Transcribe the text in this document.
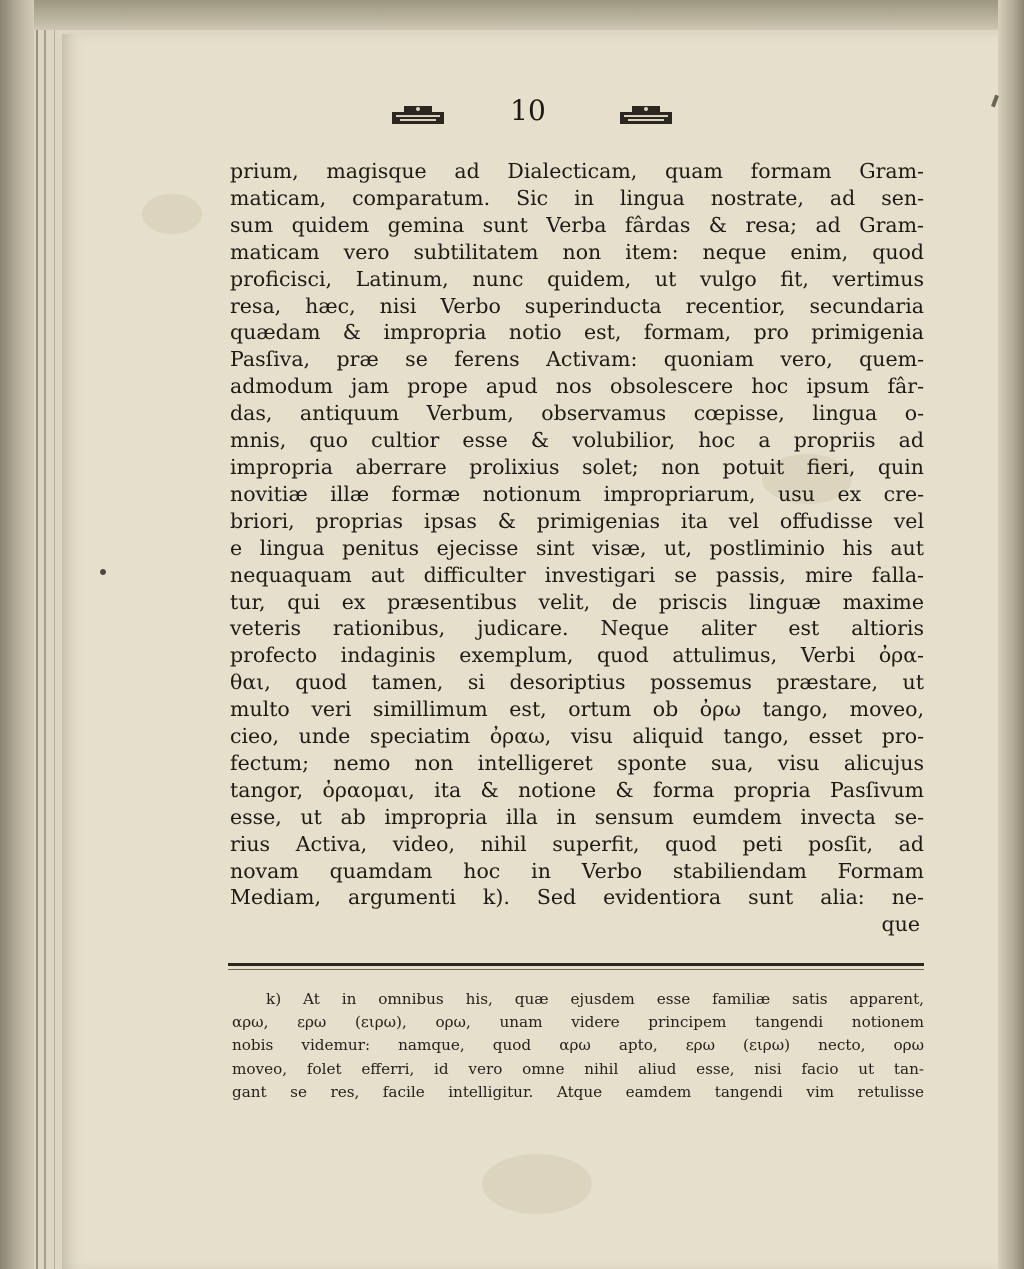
10
prium, magisque ad Dialecticam, quam formam Gram-
maticam, comparatum. Sic in lingua nostrate, ad sen-
sum quidem gemina sunt Verba fârdas & resa; ad Gram-
maticam vero subtilitatem non item: neque enim, quod
proficisci, Latinum, nunc quidem, ut vulgo fit, vertimus
resa, hæc, nisi Verbo superinducta recentior, secundaria
quædam & impropria notio est, formam, pro primigenia
Pasſiva, præ se ferens Activam: quoniam vero, quem-
admodum jam prope apud nos obsolescere hoc ipsum fâr-
das, antiquum Verbum, observamus cœpisse, lingua o-
mnis, quo cultior esse & volubilior, hoc a propriis ad
impropria aberrare prolixius solet; non potuit fieri, quin
novitiæ illæ formæ notionum impropriarum, usu ex cre-
briori, proprias ipsas & primigenias ita vel offudisse vel
e lingua penitus ejecisse sint visæ, ut, postliminio his aut
nequaquam aut difficulter investigari se passis, mire falla-
tur, qui ex præsentibus velit, de priscis linguæ maxime
veteris rationibus, judicare. Neque aliter est altioris
profecto indaginis exemplum, quod attulimus, Verbi ὀρα-
θαι, quod tamen, si desoriptius possemus præstare, ut
multo veri simillimum est, ortum ob ὀρω tango, moveo,
cieo, unde speciatim ὀραω, visu aliquid tango, esset pro-
fectum; nemo non intelligeret sponte sua, visu alicujus
tangor, ὀραομαι, ita & notione & forma propria Pasſivum
esse, ut ab impropria illa in sensum eumdem invecta se-
rius Activa, video, nihil superfit, quod peti posſit, ad
novam quamdam hoc in Verbo stabiliendam Formam
Mediam, argumenti k). Sed evidentiora sunt alia: ne-
que
k) At in omnibus his, quæ ejusdem esse familiæ satis apparent,
αρω, ερω (ειρω), ορω, unam videre principem tangendi notionem
nobis videmur: namque, quod αρω apto, ερω (ειρω) necto, ορω
moveo, folet efferri, id vero omne nihil aliud esse, nisi facio ut tan-
gant se res, facile intelligitur. Atque eamdem tangendi vim retulisse
